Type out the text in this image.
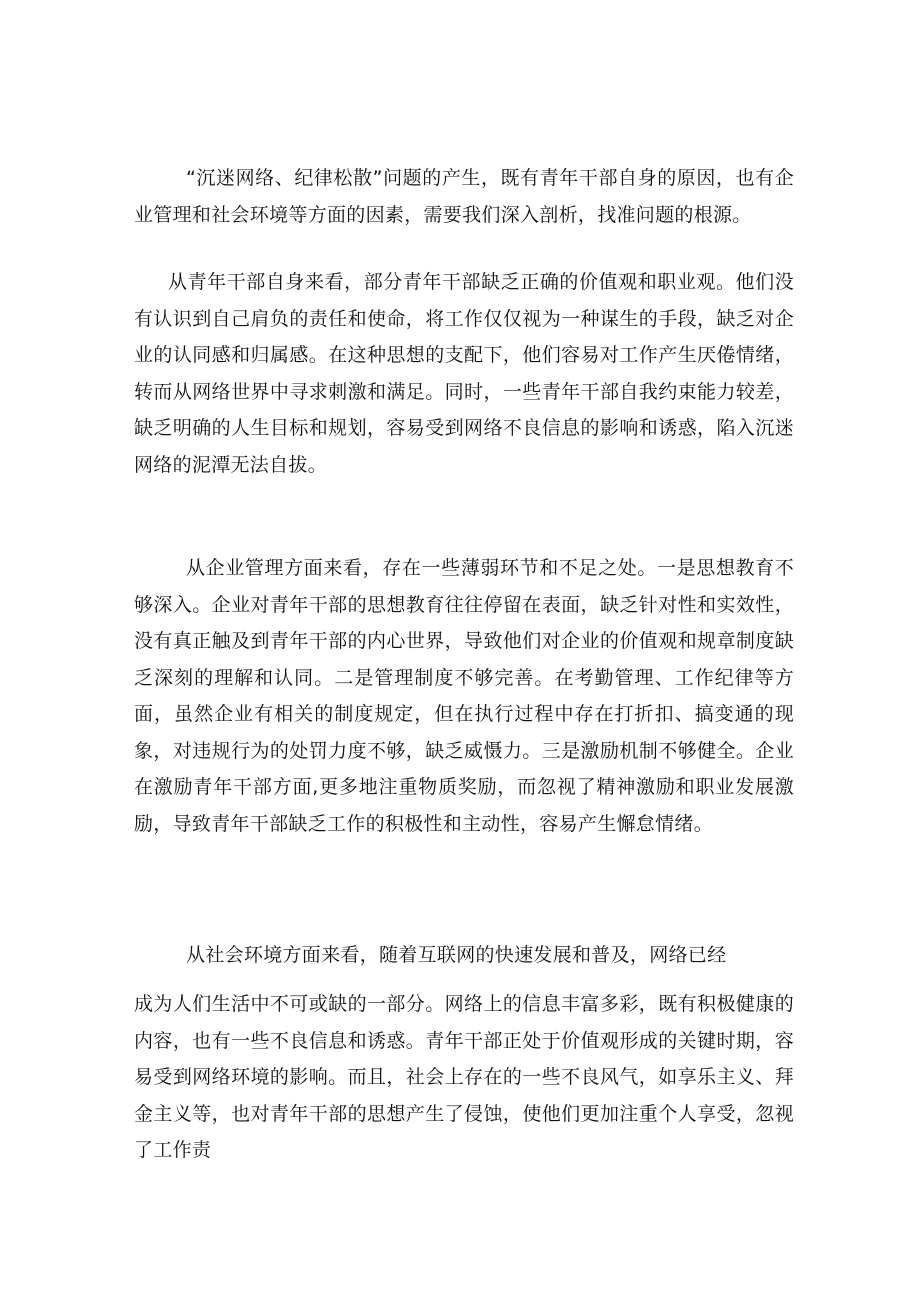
“沉迷网络、纪律松散”问题的产生，既有青年干部自身的原因，也有企业管理和社会环境等方面的因素，需要我们深入剖析，找准问题的根源。

从青年干部自身来看，部分青年干部缺乏正确的价值观和职业观。他们没有认识到自己肩负的责任和使命，将工作仅仅视为一种谋生的手段，缺乏对企业的认同感和归属感。在这种思想的支配下，他们容易对工作产生厌倦情绪，转而从网络世界中寻求刺激和满足。同时，一些青年干部自我约束能力较差，缺乏明确的人生目标和规划，容易受到网络不良信息的影响和诱惑，陷入沉迷网络的泥潭无法自拔。

从企业管理方面来看，存在一些薄弱环节和不足之处。一是思想教育不够深入。企业对青年干部的思想教育往往停留在表面，缺乏针对性和实效性，没有真正触及到青年干部的内心世界，导致他们对企业的价值观和规章制度缺乏深刻的理解和认同。二是管理制度不够完善。在考勤管理、工作纪律等方面，虽然企业有相关的制度规定，但在执行过程中存在打折扣、搞变通的现象，对违规行为的处罚力度不够，缺乏威慑力。三是激励机制不够健全。企业在激励青年干部方面,更多地注重物质奖励，而忽视了精神激励和职业发展激励，导致青年干部缺乏工作的积极性和主动性，容易产生懈怠情绪。

从社会环境方面来看，随着互联网的快速发展和普及，网络已经

成为人们生活中不可或缺的一部分。网络上的信息丰富多彩，既有积极健康的内容，也有一些不良信息和诱惑。青年干部正处于价值观形成的关键时期，容易受到网络环境的影响。而且，社会上存在的一些不良风气，如享乐主义、拜金主义等，也对青年干部的思想产生了侵蚀，使他们更加注重个人享受，忽视了工作责
